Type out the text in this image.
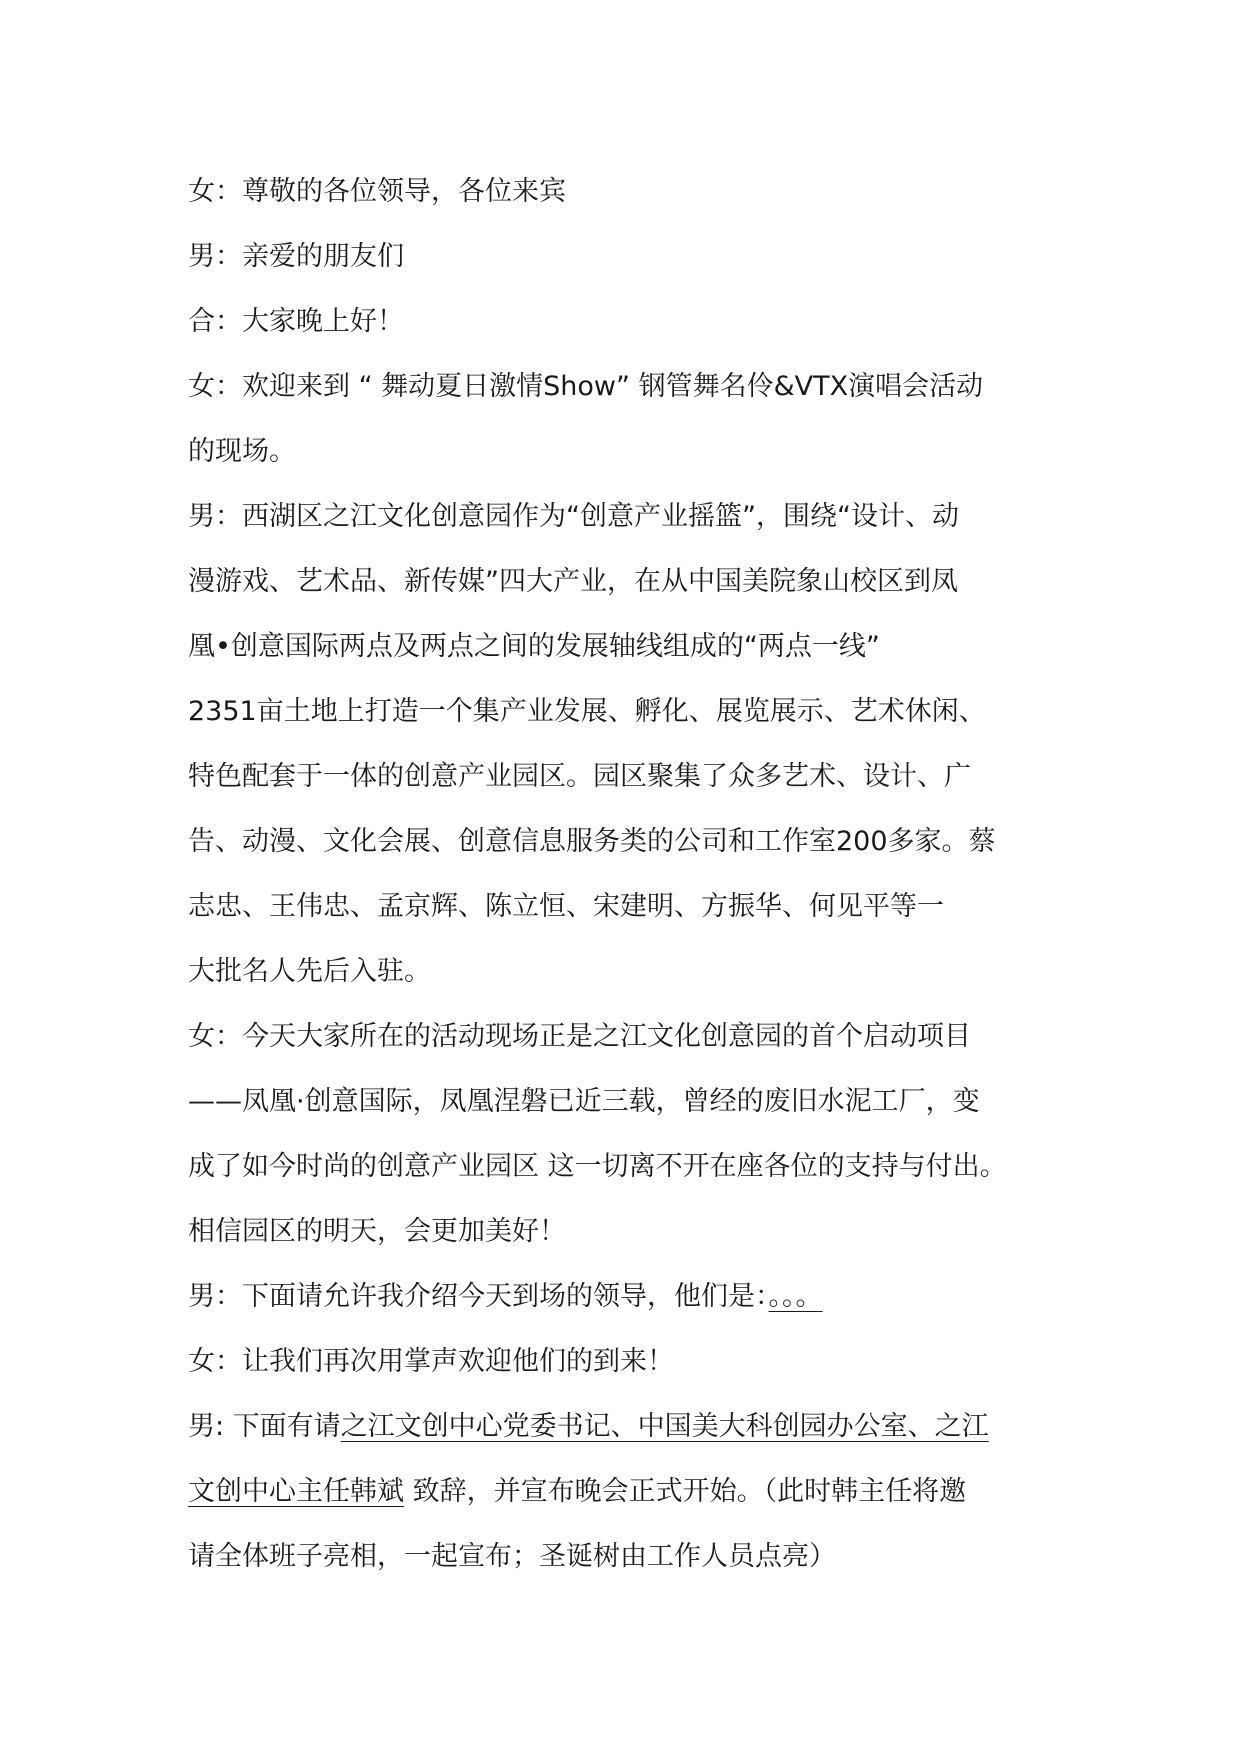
女：尊敬的各位领导，各位来宾
男：亲爱的朋友们
合：大家晚上好！
女：欢迎来到 “ 舞动夏日激情Show” 钢管舞名伶&VTX演唱会活动
的现场。
男：西湖区之江文化创意园作为“创意产业摇篮”，围绕“设计、动
漫游戏、艺术品、新传媒”四大产业，在从中国美院象山校区到凤
凰•创意国际两点及两点之间的发展轴线组成的“两点一线”
2351亩土地上打造一个集产业发展、孵化、展览展示、艺术休闲、
特色配套于一体的创意产业园区。园区聚集了众多艺术、设计、广
告、动漫、文化会展、创意信息服务类的公司和工作室200多家。蔡
志忠、王伟忠、孟京辉、陈立恒、宋建明、方振华、何见平等一
大批名人先后入驻。
女：今天大家所在的活动现场正是之江文化创意园的首个启动项目
——凤凰·创意国际，凤凰涅磐已近三载，曾经的废旧水泥工厂，变
成了如今时尚的创意产业园区 这一切离不开在座各位的支持与付出。
相信园区的明天，会更加美好！
男：下面请允许我介绍今天到场的领导，他们是：。。。
女：让我们再次用掌声欢迎他们的到来！
男: 下面有请之江文创中心党委书记、中国美大科创园办公室、之江
文创中心主任韩斌 致辞，并宣布晚会正式开始。（此时韩主任将邀
请全体班子亮相，一起宣布；圣诞树由工作人员点亮）
